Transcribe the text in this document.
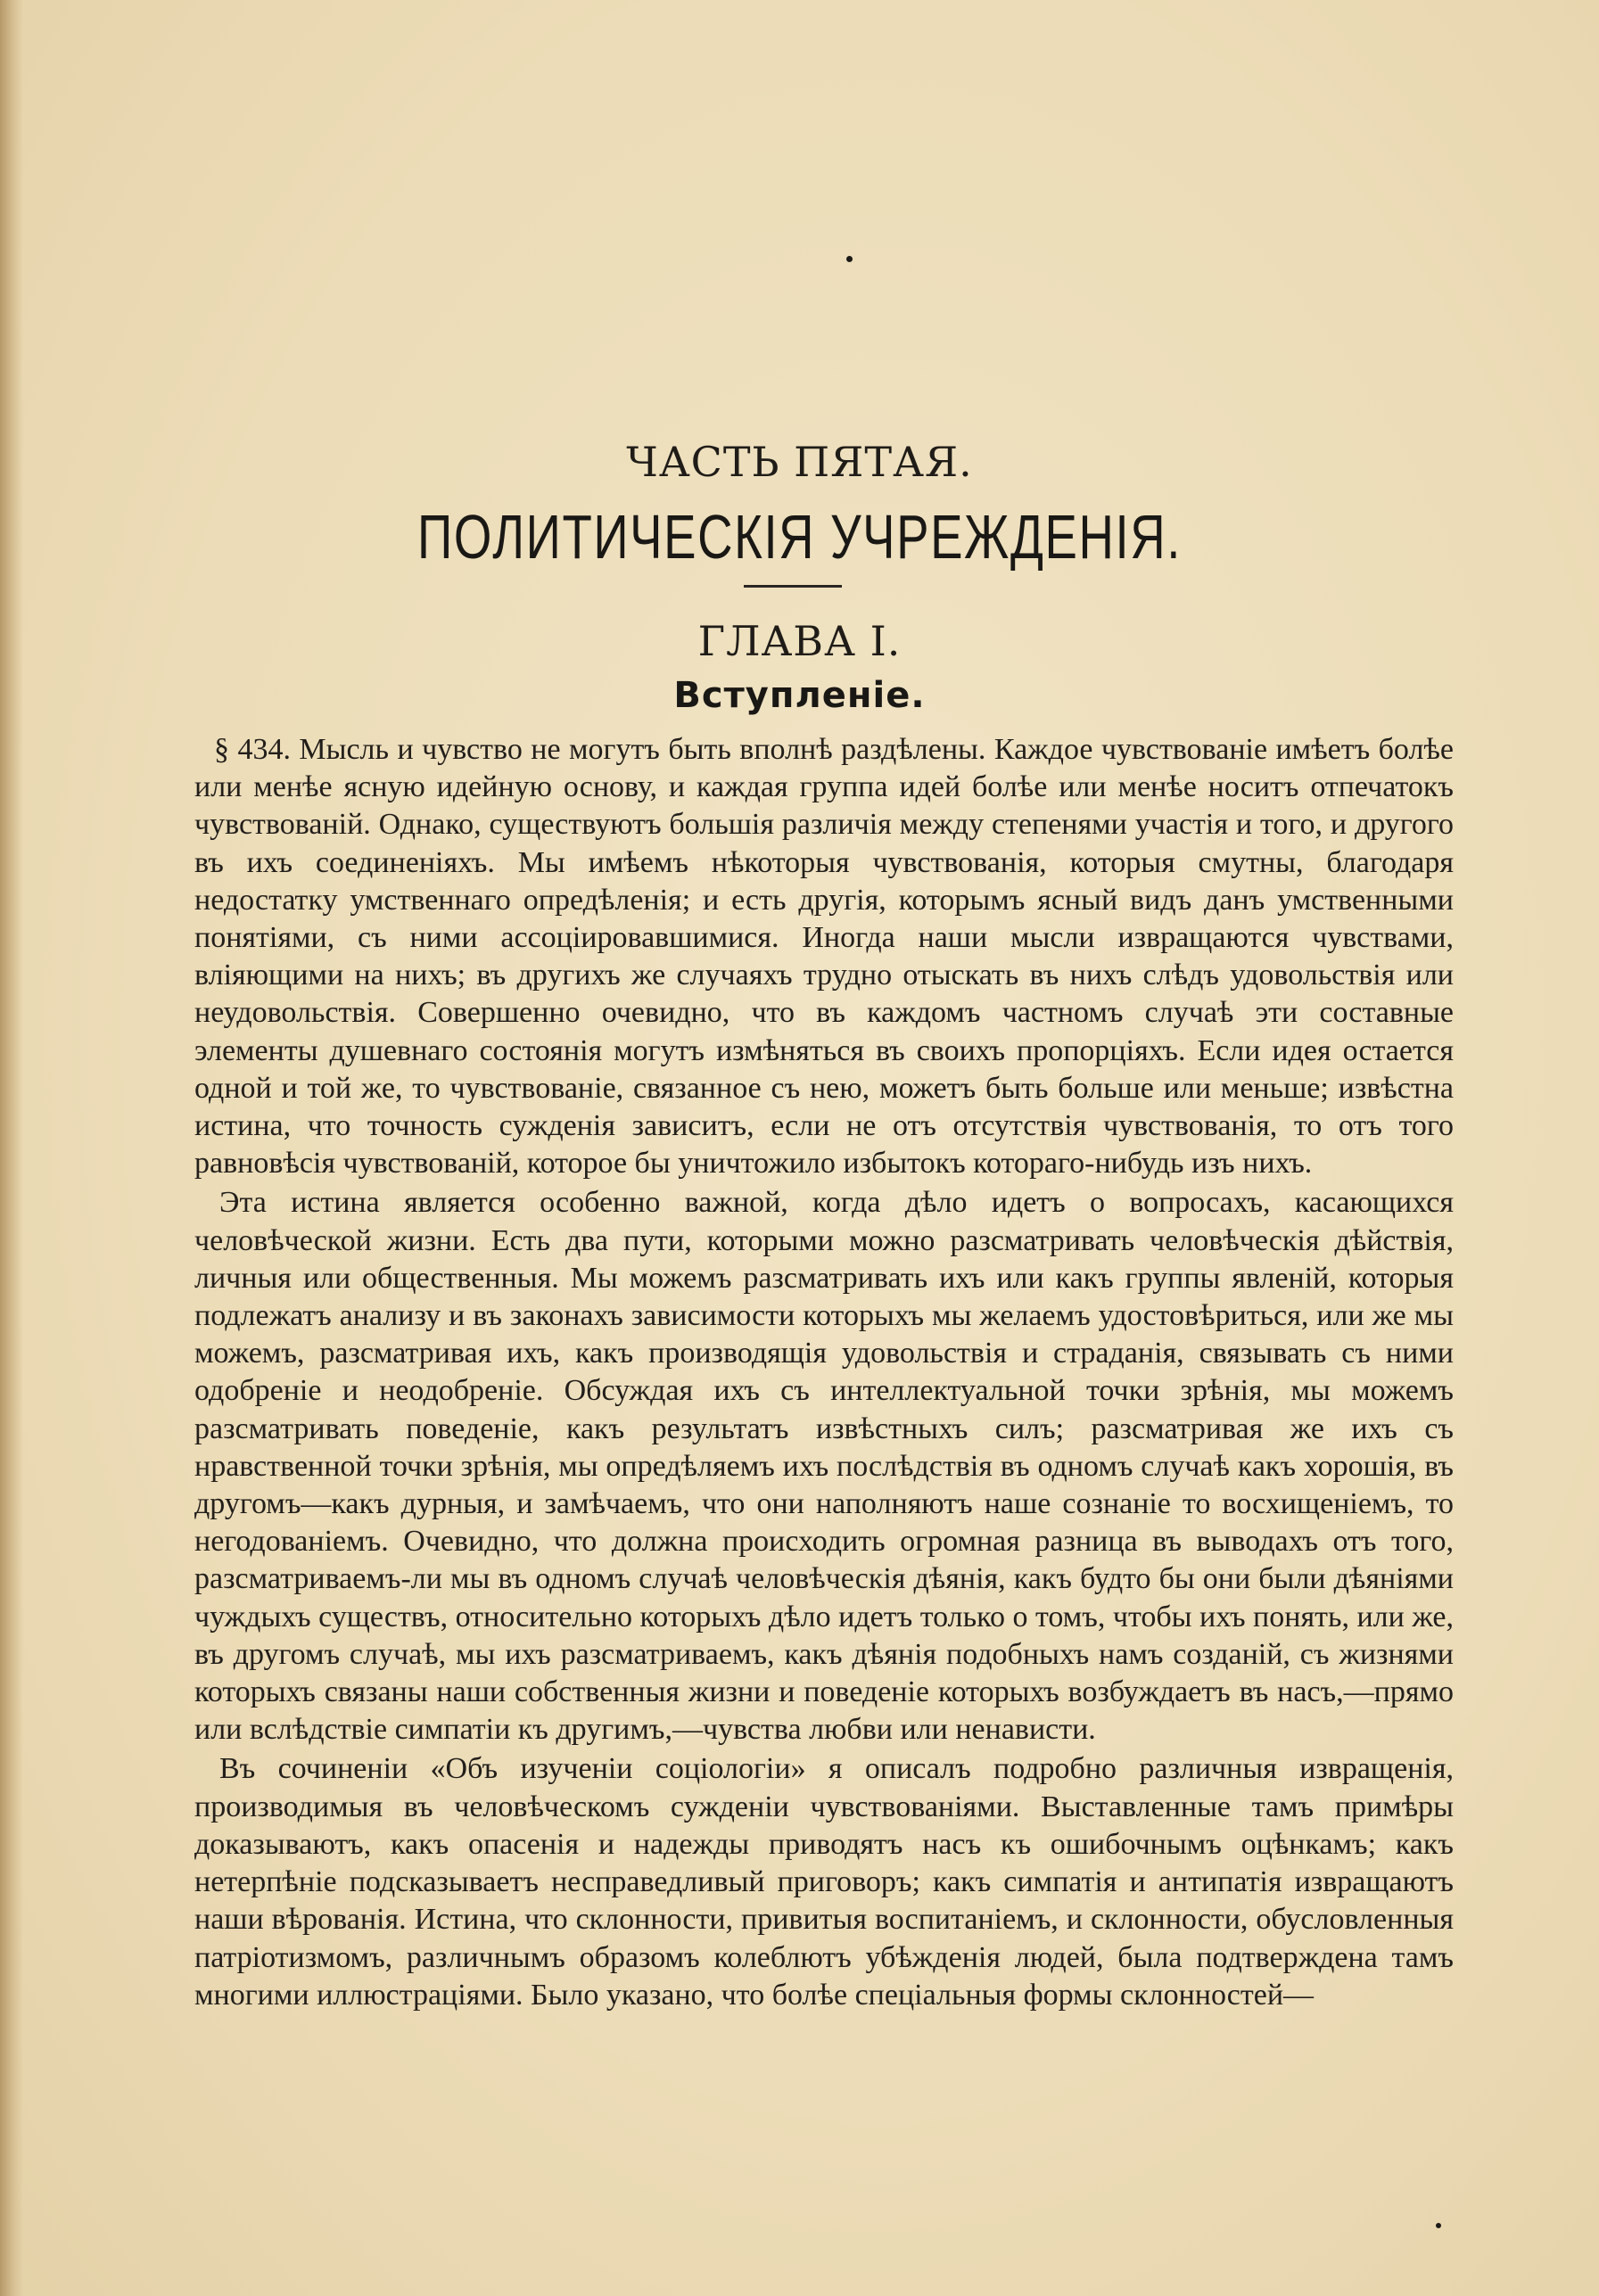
ЧАСТЬ ПЯТАЯ.
ПОЛИТИЧЕСКІЯ УЧРЕЖДЕНІЯ.
ГЛАВА I.
Вступленіе.

§ 434. Мысль и чувство не могутъ быть вполнѣ раздѣлены. Каждое чувствованіе имѣетъ болѣе или менѣе ясную идейную основу, и каждая группа идей болѣе или менѣе носитъ отпечатокъ чувствованій. Однако, существуютъ большія различія между степенями участія и того, и другого въ ихъ соединеніяхъ. Мы имѣемъ нѣкоторыя чувствованія, которыя смутны, благодаря недостатку умственнаго опредѣленія; и есть другія, которымъ ясный видъ данъ умственными понятіями, съ ними ассоціировавшимися. Иногда наши мысли извращаются чувствами, вліяющими на нихъ; въ другихъ же случаяхъ трудно отыскать въ нихъ слѣдъ удовольствія или неудовольствія. Совершенно очевидно, что въ каждомъ частномъ случаѣ эти составные элементы душевнаго состоянія могутъ измѣняться въ своихъ пропорціяхъ. Если идея остается одной и той же, то чувствованіе, связанное съ нею, можетъ быть больше или меньше; извѣстна истина, что точность сужденія зависитъ, если не отъ отсутствія чувствованія, то отъ того равновѣсія чувствованій, которое бы уничтожило избытокъ котораго-нибудь изъ нихъ.

Эта истина является особенно важной, когда дѣло идетъ о вопросахъ, касающихся человѣческой жизни. Есть два пути, которыми можно разсматривать человѣческія дѣйствія, личныя или общественныя. Мы можемъ разсматривать ихъ или какъ группы явленій, которыя подлежатъ анализу и въ законахъ зависимости которыхъ мы желаемъ удостовѣриться, или же мы можемъ, разсматривая ихъ, какъ производящія удовольствія и страданія, связывать съ ними одобреніе и неодобреніе. Обсуждая ихъ съ интеллектуальной точки зрѣнія, мы можемъ разсматривать поведеніе, какъ результатъ извѣстныхъ силъ; разсматривая же ихъ съ нравственной точки зрѣнія, мы опредѣляемъ ихъ послѣдствія въ одномъ случаѣ какъ хорошія, въ другомъ—какъ дурныя, и замѣчаемъ, что они наполняютъ наше сознаніе то восхищеніемъ, то негодованіемъ. Очевидно, что должна происходить огромная разница въ выводахъ отъ того, разсматриваемъ-ли мы въ одномъ случаѣ человѣческія дѣянія, какъ будто бы они были дѣяніями чуждыхъ существъ, относительно которыхъ дѣло идетъ только о томъ, чтобы ихъ понять, или же, въ другомъ случаѣ, мы ихъ разсматриваемъ, какъ дѣянія подобныхъ намъ созданій, съ жизнями которыхъ связаны наши собственныя жизни и поведеніе которыхъ возбуждаетъ въ насъ,—прямо или вслѣдствіе симпатіи къ другимъ,—чувства любви или ненависти.

Въ сочиненіи «Объ изученіи соціологіи» я описалъ подробно различныя извращенія, производимыя въ человѣческомъ сужденіи чувствованіями. Выставленные тамъ примѣры доказываютъ, какъ опасенія и надежды приводятъ насъ къ ошибочнымъ оцѣнкамъ; какъ нетерпѣніе подсказываетъ несправедливый приговоръ; какъ симпатія и антипатія извращаютъ наши вѣрованія. Истина, что склонности, привитыя воспитаніемъ, и склонности, обусловленныя патріотизмомъ, различнымъ образомъ колеблютъ убѣжденія людей, была подтверждена тамъ многими иллюстраціями. Было указано, что болѣе спеціальныя формы склонностей—
